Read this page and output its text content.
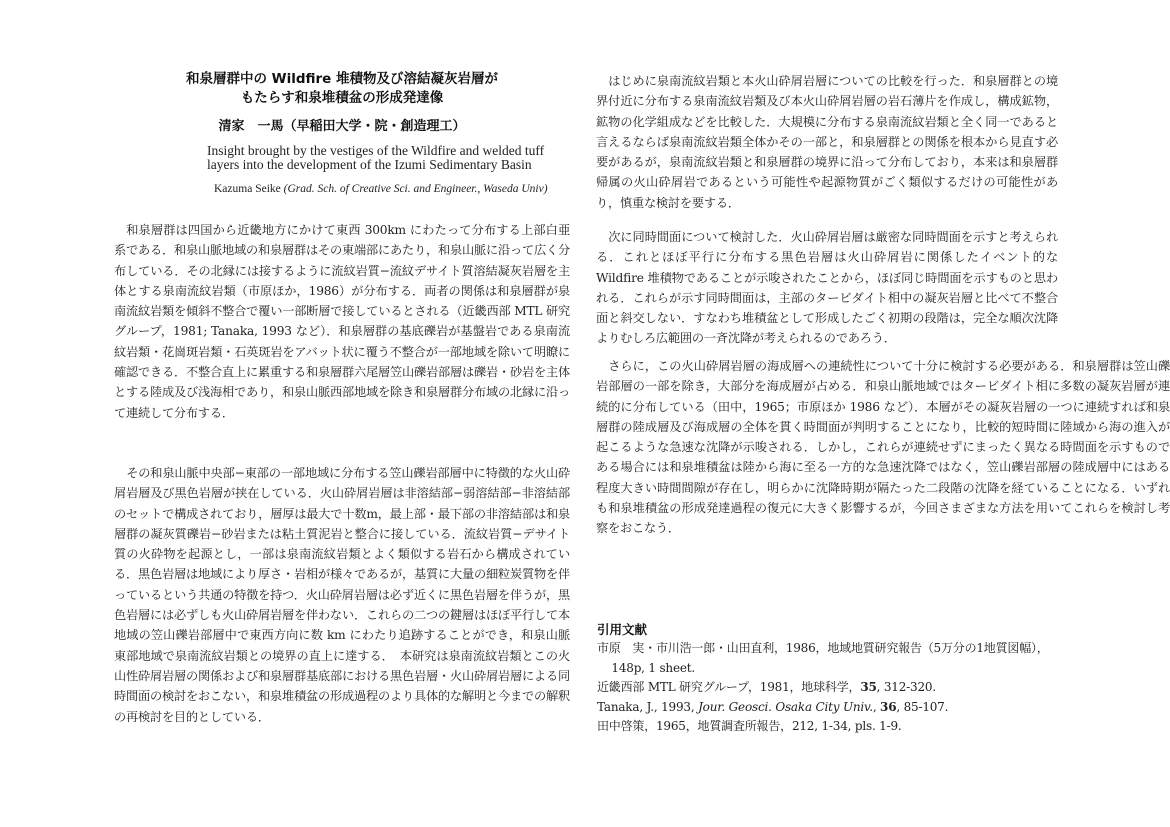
和泉層群中の Wildfire 堆積物及び溶結凝灰岩層が
もたらす和泉堆積盆の形成発達像
清家　一馬（早稲田大学・院・創造理工）
Insight brought by the vestiges of the Wildfire and welded tuff
layers into the development of the Izumi Sedimentary Basin
Kazuma Seike (Grad. Sch. of Creative Sci. and Engineer., Waseda Univ)

和泉層群は四国から近畿地方にかけて東西 300km にわたって分布する上部白亜系である．和泉山脈地域の和泉層群はその東端部にあたり，和泉山脈に沿って広く分布している．その北縁には接するように流紋岩質−流紋デサイト質溶結凝灰岩層を主体とする泉南流紋岩類（市原ほか，1986）が分布する．両者の関係は和泉層群が泉南流紋岩類を傾斜不整合で覆い一部断層で接しているとされる（近畿西部 MTL 研究グループ，1981; Tanaka, 1993 など）．和泉層群の基底礫岩が基盤岩である泉南流紋岩類・花崗斑岩類・石英斑岩をアバット状に覆う不整合が一部地域を除いて明瞭に確認できる．不整合直上に累重する和泉層群六尾層笠山礫岩部層は礫岩・砂岩を主体とする陸成及び浅海相であり，和泉山脈西部地域を除き和泉層群分布域の北縁に沿って連続して分布する．

その和泉山脈中央部−東部の一部地域に分布する笠山礫岩部層中に特徴的な火山砕屑岩層及び黒色岩層が挟在している．火山砕屑岩層は非溶結部−弱溶結部−非溶結部のセットで構成されており，層厚は最大で十数m，最上部・最下部の非溶結部は和泉層群の凝灰質礫岩−砂岩または粘土質泥岩と整合に接している．流紋岩質−デサイト質の火砕物を起源とし，一部は泉南流紋岩類とよく類似する岩石から構成されている．黒色岩層は地域により厚さ・岩相が様々であるが，基質に大量の細粒炭質物を伴っているという共通の特徴を持つ．火山砕屑岩層は必ず近くに黒色岩層を伴うが，黒色岩層には必ずしも火山砕屑岩層を伴わない．これらの二つの鍵層はほぼ平行して本地域の笠山礫岩部層中で東西方向に数 km にわたり追跡することができ，和泉山脈東部地域で泉南流紋岩類との境界の直上に達する．　本研究は泉南流紋岩類とこの火山性砕屑岩層の関係および和泉層群基底部における黒色岩層・火山砕屑岩層による同時間面の検討をおこない，和泉堆積盆の形成過程のより具体的な解明と今までの解釈の再検討を目的としている．

はじめに泉南流紋岩類と本火山砕屑岩層についての比較を行った．和泉層群との境界付近に分布する泉南流紋岩類及び本火山砕屑岩層の岩石薄片を作成し，構成鉱物，鉱物の化学組成などを比較した．大規模に分布する泉南流紋岩類と全く同一であると言えるならば泉南流紋岩類全体かその一部と，和泉層群との関係を根本から見直す必要があるが，泉南流紋岩類と和泉層群の境界に沿って分布しており，本来は和泉層群帰属の火山砕屑岩であるという可能性や起源物質がごく類似するだけの可能性があり，慎重な検討を要する．

次に同時間面について検討した．火山砕屑岩層は厳密な同時間面を示すと考えられる．これとほぼ平行に分布する黒色岩層は火山砕屑岩に関係したイベント的な Wildfire 堆積物であることが示唆されたことから，ほぼ同じ時間面を示すものと思われる．これらが示す同時間面は，主部のタービダイト相中の凝灰岩層と比べて不整合面と斜交しない．すなわち堆積盆として形成したごく初期の段階は，完全な順次沈降よりむしろ広範囲の一斉沈降が考えられるのであろう．

さらに，この火山砕屑岩層の海成層への連続性について十分に検討する必要がある．和泉層群は笠山礫岩部層の一部を除き，大部分を海成層が占める．和泉山脈地域ではタービダイト相に多数の凝灰岩層が連続的に分布している（田中，1965；市原ほか 1986 など）．本層がその凝灰岩層の一つに連続すれば和泉層群の陸成層及び海成層の全体を貫く時間面が判明することになり，比較的短時間に陸域から海の進入が起こるような急速な沈降が示唆される．しかし，これらが連続せずにまったく異なる時間面を示すものである場合には和泉堆積盆は陸から海に至る一方的な急速沈降ではなく，笠山礫岩部層の陸成層中にはある程度大きい時間間隙が存在し，明らかに沈降時期が隔たった二段階の沈降を経ていることになる．いずれも和泉堆積盆の形成発達過程の復元に大きく影響するが，今回さまざまな方法を用いてこれらを検討し考察をおこなう．

引用文献

市原　実・市川浩一郎・山田直利，1986，地域地質研究報告（5万分の1地質図幅），148p, 1 sheet.

近畿西部 MTL 研究グループ，1981，地球科学，35, 312-320.

Tanaka, J., 1993, Jour. Geosci. Osaka City Univ., 36, 85-107.

田中啓策，1965，地質調査所報告，212, 1-34, pls. 1-9.
